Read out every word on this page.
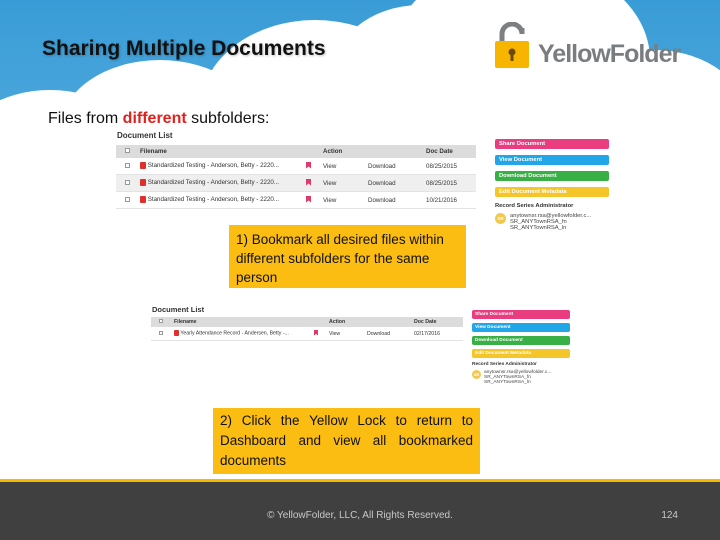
Sharing Multiple Documents	YellowFolder
Files from different subfolders:
Document List
Filename	Action	Doc Date
Standardized Testing - Anderson, Betty - 2220...	View	Download	08/25/2015
Standardized Testing - Anderson, Betty - 2220...	View	Download	08/25/2015
Standardized Testing - Anderson, Betty - 2220...	View	Download	10/21/2016
Share Document
View Document
Download Document
Edit Document Metadata
Record Series Administrator
SR	anytownsr.rsa@yellowfolder.c...
SR_ANYTownRSA_fn
SR_ANYTownRSA_ln
1) Bookmark all desired files within different subfolders for the same person
Document List
Filename	Action	Doc Date
Yearly Attendance Record - Andersen, Betty -...	View	Download	02/17/2016
Share Document
View Document
Download Document
Edit Document Metadata
Record Series Administrator
SR anytownsr.rsa@yellowfolder.c...
SR_ANYTownRSA_fn
SR_ANYTownRSA_ln
2) Click the Yellow Lock to return to Dashboard and view all bookmarked documents
© YellowFolder, LLC, All Rights Reserved.	124
